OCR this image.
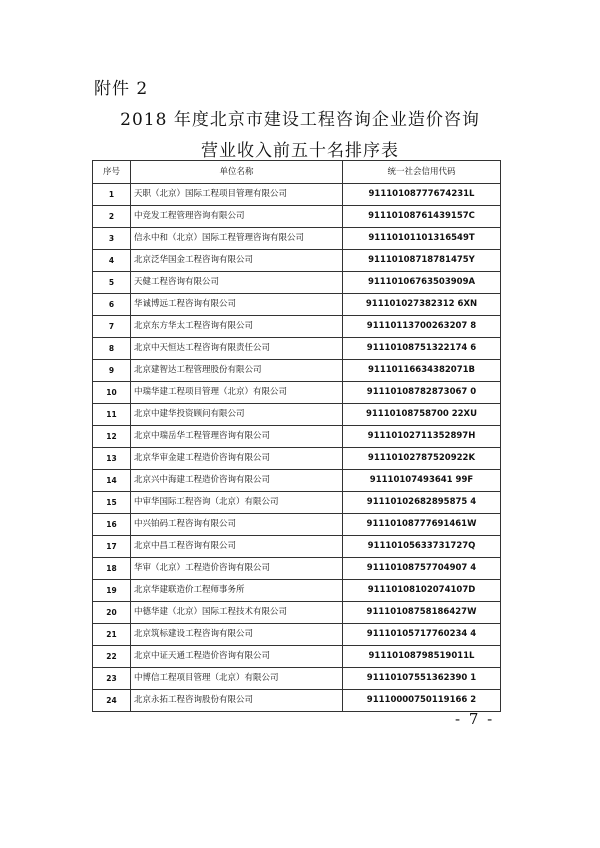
附件 2
2018 年度北京市建设工程咨询企业造价咨询
营业收入前五十名排序表
序号	单位名称	统一社会信用代码
1	天职（北京）国际工程项目管理有限公司	91110108777674231L
2	中竞发工程管理咨询有限公司	91110108761439157C
3	信永中和（北京）国际工程管理咨询有限公司	91110101101316549T
4	北京泛华国金工程咨询有限公司	91110108718781475Y
5	天健工程咨询有限公司	91110106763503909A
6	华诚博远工程咨询有限公司	911101027382312 6XN
7	北京东方华太工程咨询有限公司	91110113700263207 8
8	北京中天恒达工程咨询有限责任公司	91110108751322174 6
9	北京建智达工程管理股份有限公司	91110116634382071B
10	中瑞华建工程项目管理（北京）有限公司	91110108782873067 0
11	北京中建华投资顾问有限公司	91110108758700 22XU
12	北京中瑞岳华工程管理咨询有限公司	91110102711352897H
13	北京华审金建工程造价咨询有限公司	91110102787520922K
14	北京兴中海建工程造价咨询有限公司	91110107493641 99F
15	中审华国际工程咨询（北京）有限公司	91110102682895875 4
16	中兴铂码工程咨询有限公司	91110108777691461W
17	北京中昌工程咨询有限公司	91110105633731727Q
18	华审（北京）工程造价咨询有限公司	91110108757704907 4
19	北京华建联造价工程师事务所	91110108102074107D
20	中德华建（北京）国际工程技术有限公司	91110108758186427W
21	北京筑标建设工程咨询有限公司	91110105717760234 4
22	北京中证天通工程造价咨询有限公司	91110108798519011L
23	中博信工程项目管理（北京）有限公司	91110107551362390 1
24	北京永拓工程咨询股份有限公司	91110000750119166 2
- 7 -
